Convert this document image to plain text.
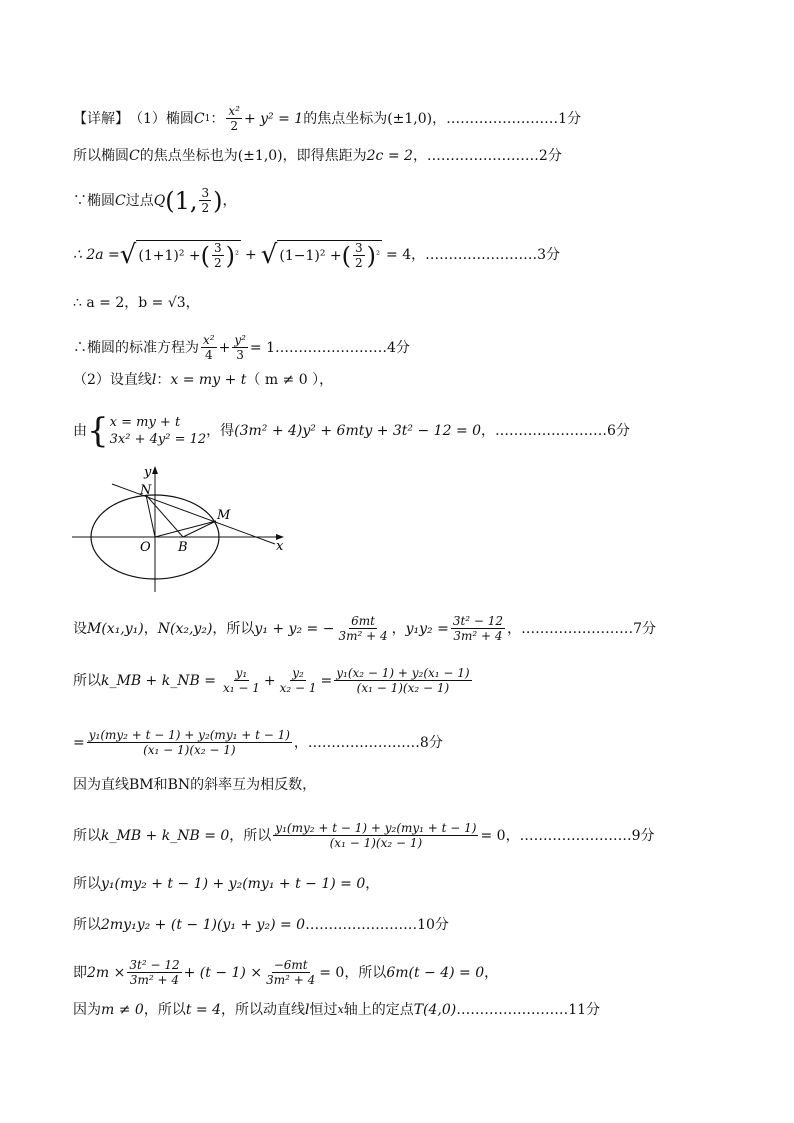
【详解】 （1）椭圆 C 1 ： $\frac{\text{x²}}{2} + y^2 = 1$ 的焦点坐标为 (±1,0) ，……………………1分
所以椭圆 C 的焦点坐标也为 (±1,0) ，即得焦距为 2c = 2 ，……………………2分
∵椭圆 C 过点 Q (1, $\frac{3}{2}$ ) ，
∴ 2a = √ (1+1)² + ( $\frac{3}{2}$ ) ² + √ (1−1)² + ( $\frac{3}{2}$ ) ² = 4 ，……………………3分
∴ a = 2，b = √3，
∴椭圆的标准方程为 $\frac{\text{x²}}{4} + \frac{\text{y²}}{3}$ = 1……………………4分
（2）设直线 l ： x = my + t （ m ≠ 0 ），
由 { x = my + t
3x² + 4y² = 12
，得 (3m² + 4)y² + 6mty + 3t² − 12 = 0 ，……………………6分
y
N
M
O B	x
设 M(x₁,y₁) ， N(x₂,y₂) ，所以 y₁ + y₂ = − $\frac{6mt}{\text{3m² + 4}}$ ， $y_1y_2 = \frac{\text{3t² − 12}}{\text{3m² + 4}}$ ，……………………7分
所以 k_MB + k_NB = $\frac{\text{y₁}}{\text{x₁ − 1}} + \frac{\text{y₂}}{\text{x₂ − 1}} = \frac{\text{y₁(x₂ − 1) + y₂(x₁ − 1)}}{\text{(x₁ − 1)(x₂ − 1)}}$
= $\frac{\text{y₁(my₂ + t − 1) + y₂(my₁ + t − 1)}}{\text{(x₁ − 1)(x₂ − 1)}}$ ，……………………8分
因为直线BM和BN的斜率互为相反数，
所以 k_MB + k_NB = 0 ，所以 $\frac{\text{y₁(my₂ + t − 1) + y₂(my₁ + t − 1)}}{\text{(x₁ − 1)(x₂ − 1)}} = 0$ ，……………………9分
所以 y₁(my₂ + t − 1) + y₂(my₁ + t − 1) = 0 ，
所以 2my₁y₂ + (t − 1)(y₁ + y₂) = 0 ……………………10分
即 $2m \times \frac{\text{3t² − 12}}{\text{3m² + 4}} + (t - 1) \times \frac{-6mt}{\text{3m² + 4}} = 0$ ，所以 6m(t − 4) = 0 ，
因为 m ≠ 0 ，所以 t = 4 ，所以动直线 l 恒过 x 轴上的定点 T(4,0) ……………………11分
